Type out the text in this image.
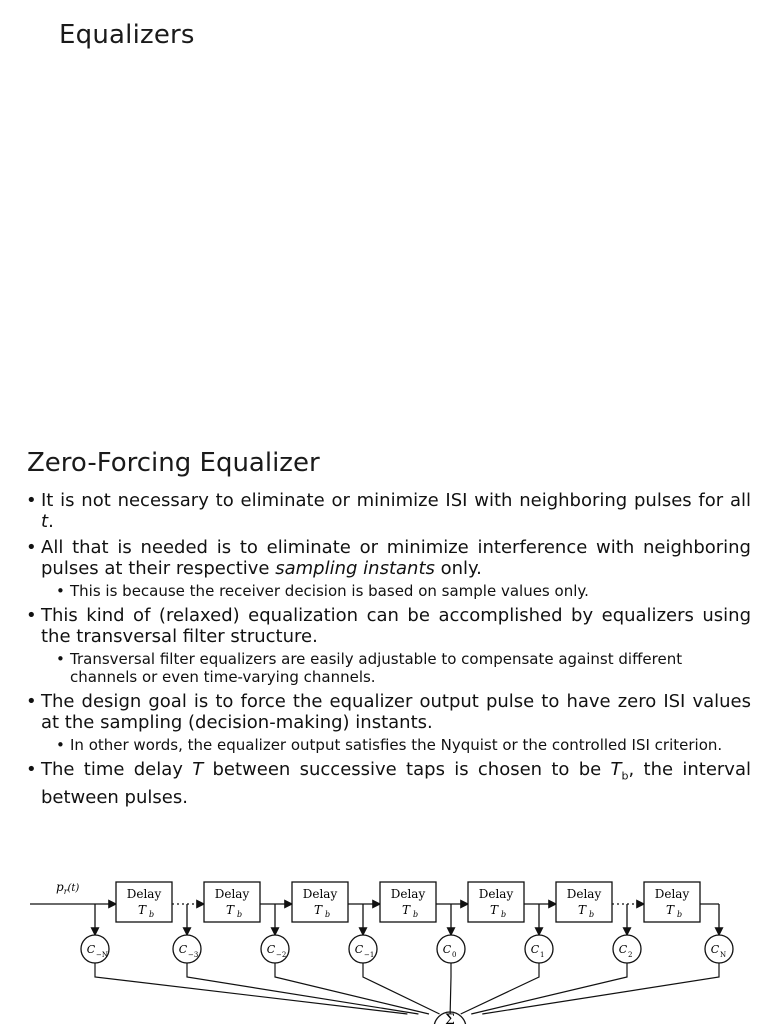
Equalizers
Zero-Forcing Equalizer
• It is not necessary to eliminate or minimize ISI with neighboring pulses for all t.
• All that is needed is to eliminate or minimize interference with neighboring pulses at their respective sampling instants only.
• This is because the receiver decision is based on sample values only.
• This kind of (relaxed) equalization can be accomplished by equalizers using the transversal filter structure.
• Transversal filter equalizers are easily adjustable to compensate against different channels or even time-varying channels.
• The design goal is to force the equalizer output pulse to have zero ISI values at the sampling (decision-making) instants.
• In other words, the equalizer output satisfies the Nyquist or the controlled ISI criterion.
• The time delay T between successive taps is chosen to be $T_b$, the interval between pulses.
$p_r^{(t)}$
Σ
Delay
T b
Delay
T b
Delay
T b
Delay
T b
Delay
T b
Delay
T b
Delay
T b
C −N	C −3	C −2	C −1	C 0	C 1	C 2	C N
